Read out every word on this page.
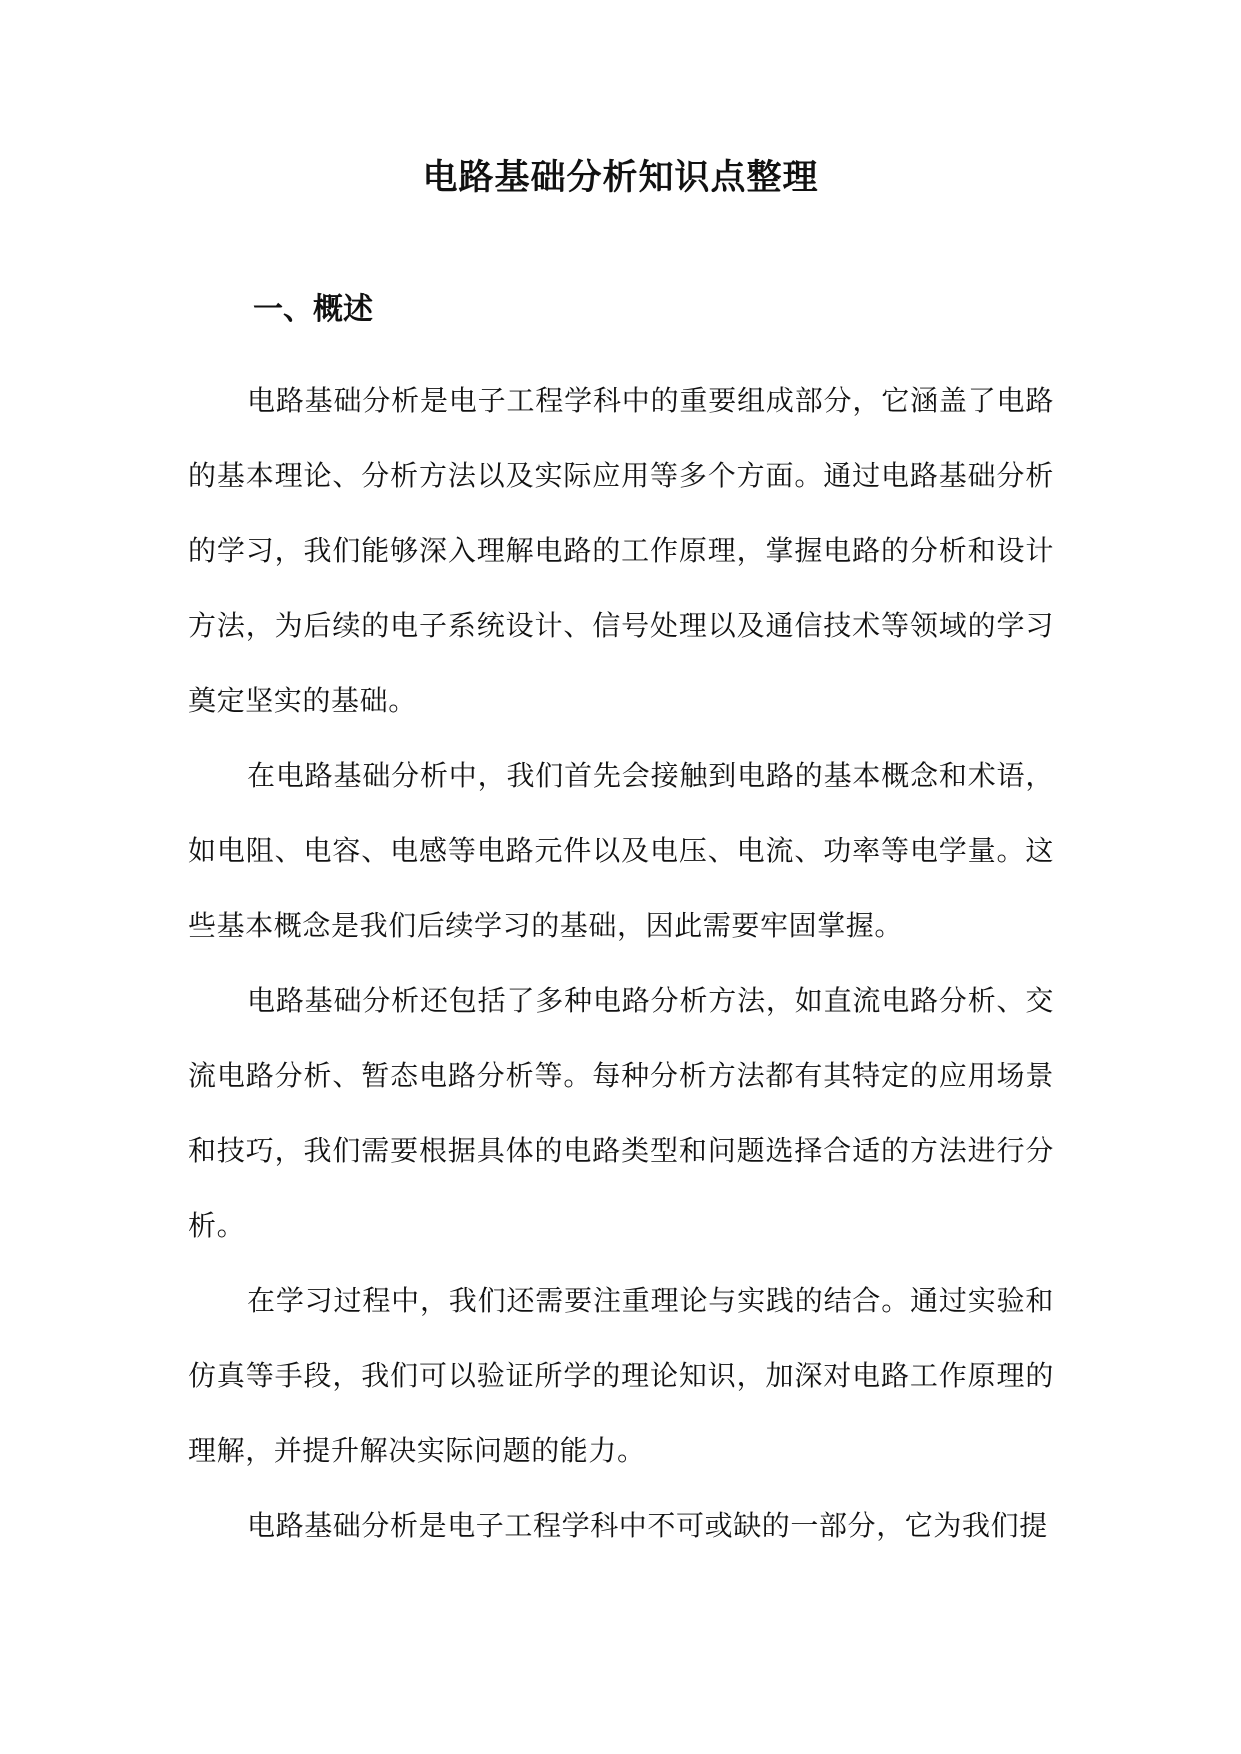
电路基础分析知识点整理
一、概述

电路基础分析是电子工程学科中的重要组成部分，它涵盖了电路的基本理论、分析方法以及实际应用等多个方面。通过电路基础分析的学习，我们能够深入理解电路的工作原理，掌握电路的分析和设计方法，为后续的电子系统设计、信号处理以及通信技术等领域的学习奠定坚实的基础。

在电路基础分析中，我们首先会接触到电路的基本概念和术语，如电阻、电容、电感等电路元件以及电压、电流、功率等电学量。这些基本概念是我们后续学习的基础，因此需要牢固掌握。

电路基础分析还包括了多种电路分析方法，如直流电路分析、交流电路分析、暂态电路分析等。每种分析方法都有其特定的应用场景和技巧，我们需要根据具体的电路类型和问题选择合适的方法进行分析。

在学习过程中，我们还需要注重理论与实践的结合。通过实验和仿真等手段，我们可以验证所学的理论知识，加深对电路工作原理的理解，并提升解决实际问题的能力。

电路基础分析是电子工程学科中不可或缺的一部分，它为我们提
